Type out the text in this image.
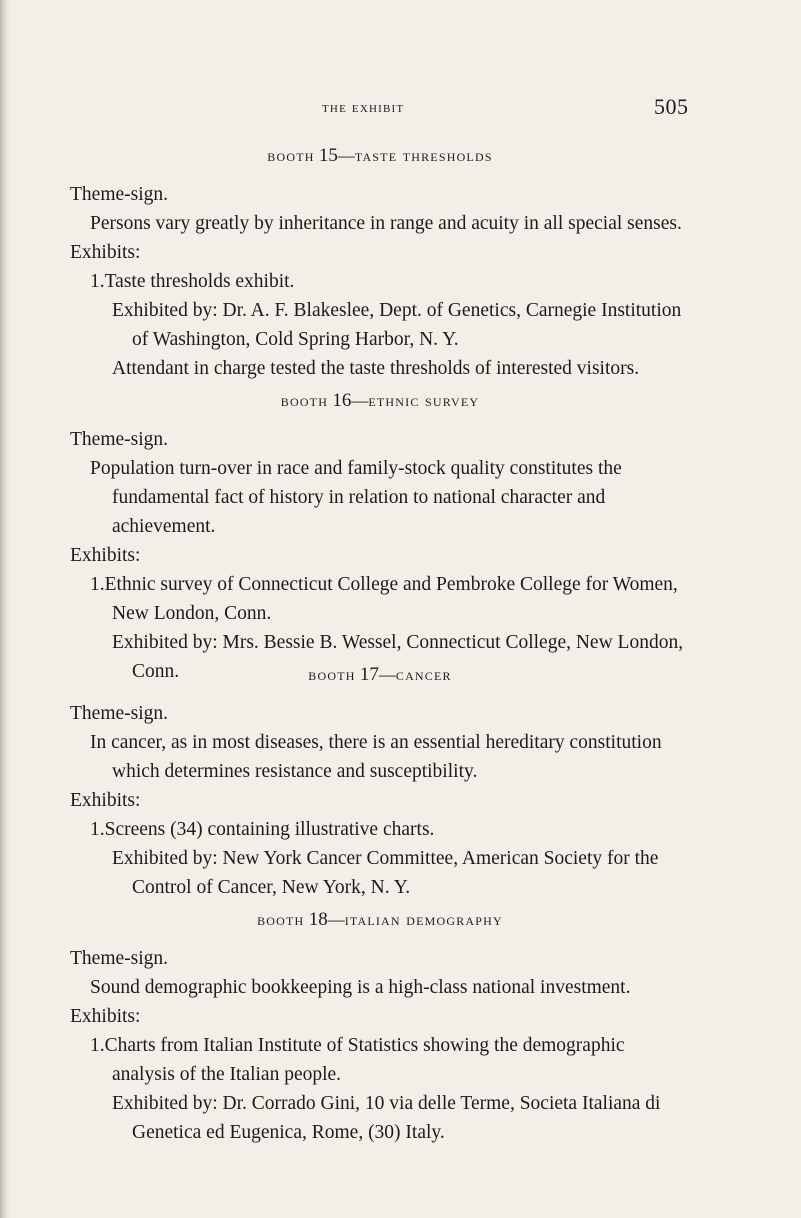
the exhibit	505
booth 15—taste thresholds

Theme-sign.

Persons vary greatly by inheritance in range and acuity in all special senses.

Exhibits:

1.Taste thresholds exhibit.

Exhibited by: Dr. A. F. Blakeslee, Dept. of Genetics, Carnegie Institution of Washington, Cold Spring Harbor, N. Y.

Attendant in charge tested the taste thresholds of interested visitors.

booth 16—ethnic survey

Theme-sign.

Population turn-over in race and family-stock quality constitutes the fundamental fact of history in relation to national character and achievement.

Exhibits:

1.Ethnic survey of Connecticut College and Pembroke College for Women, New London, Conn.

Exhibited by: Mrs. Bessie B. Wessel, Connecticut College, New London, Conn.	booth 17—cancer

Theme-sign.

In cancer, as in most diseases, there is an essential hereditary constitution which determines resistance and susceptibility.

Exhibits:

1.Screens (34) containing illustrative charts.

Exhibited by: New York Cancer Committee, American Society for the Control of Cancer, New York, N. Y.

booth 18—italian demography

Theme-sign.

Sound demographic bookkeeping is a high-class national investment.

Exhibits:

1.Charts from Italian Institute of Statistics showing the demographic analysis of the Italian people.

Exhibited by: Dr. Corrado Gini, 10 via delle Terme, Societa Italiana di Genetica ed Eugenica, Rome, (30) Italy.
